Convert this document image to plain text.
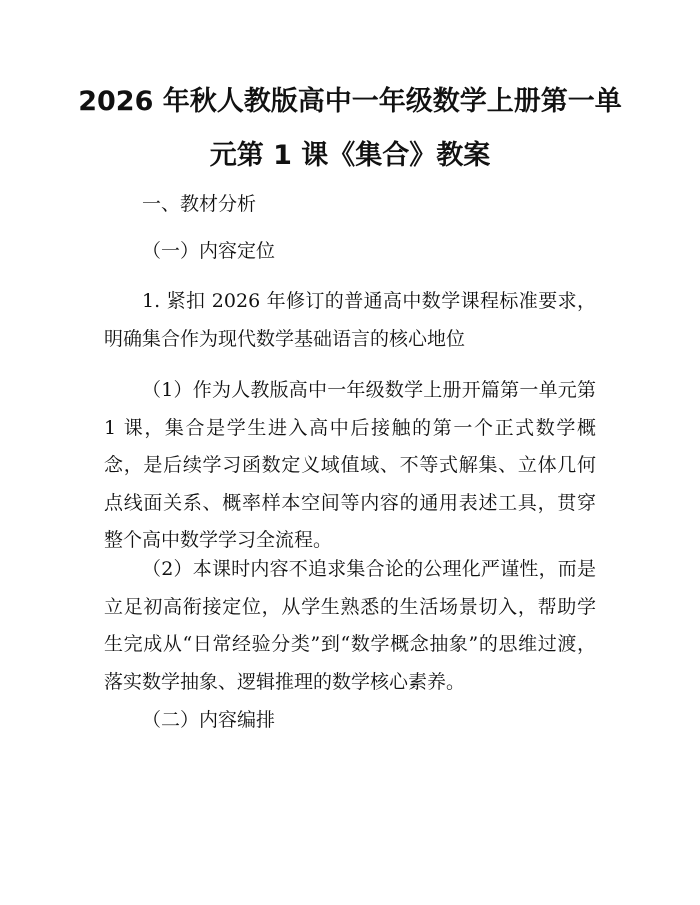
2026 年秋人教版高中一年级数学上册第一单
元第 1 课《集合》教案

一、教材分析

（一）内容定位

1. 紧扣 2026 年修订的普通高中数学课程标准要求，明确集合作为现代数学基础语言的核心地位

（1）作为人教版高中一年级数学上册开篇第一单元第 1 课，集合是学生进入高中后接触的第一个正式数学概念，是后续学习函数定义域值域、不等式解集、立体几何点线面关系、概率样本空间等内容的通用表述工具，贯穿整个高中数学学习全流程。

（2）本课时内容不追求集合论的公理化严谨性，而是立足初高衔接定位，从学生熟悉的生活场景切入，帮助学生完成从“日常经验分类”到“数学概念抽象”的思维过渡，落实数学抽象、逻辑推理的数学核心素养。

（二）内容编排
